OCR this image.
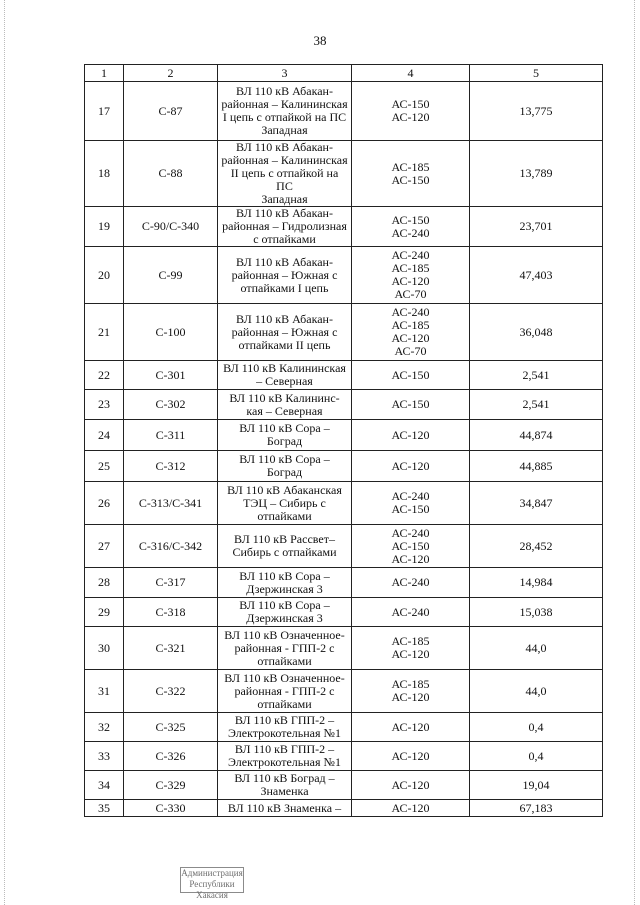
38
1	2	3	4	5
17	С-87	ВЛ 110 кВ Абакан-
районная – Калининская
I цепь с отпайкой на ПС
Западная	АС-150
АС-120	13,775
18	С-88	ВЛ 110 кВ Абакан-
районная – Калининская
II цепь с отпайкой на ПС
Западная	АС-185
АС-150	13,789
19	С-90/С-340	ВЛ 110 кВ Абакан-
районная – Гидролизная
с отпайками	АС-150
АС-240	23,701
20	С-99	ВЛ 110 кВ Абакан-
районная – Южная с
отпайками I цепь	АС-240
АС-185
АС-120
АС-70	47,403
21	С-100	ВЛ 110 кВ Абакан-
районная – Южная с
отпайками II цепь	АС-240
АС-185
АС-120
АС-70	36,048
22	С-301	ВЛ 110 кВ Калининская
– Северная	АС-150	2,541
23	С-302	ВЛ 110 кВ Калининс-
кая – Северная	АС-150	2,541
24	С-311	ВЛ 110 кВ Сора –
Боград	АС-120	44,874
25	С-312	ВЛ 110 кВ Сора –
Боград	АС-120	44,885
26	С-313/С-341	ВЛ 110 кВ Абаканская
ТЭЦ – Сибирь с
отпайками	АС-240
АС-150	34,847
27	С-316/С-342	ВЛ 110 кВ Рассвет–
Сибирь с отпайками	АС-240
АС-150
АС-120	28,452
28	С-317	ВЛ 110 кВ Сора –
Дзержинская 3	АС-240	14,984
29	С-318	ВЛ 110 кВ Сора –
Дзержинская 3	АС-240	15,038
30	С-321	ВЛ 110 кВ Означенное-
районная - ГПП-2 с
отпайками	АС-185
АС-120	44,0
31	С-322	ВЛ 110 кВ Означенное-
районная - ГПП-2 с
отпайками	АС-185
АС-120	44,0
32	С-325	ВЛ 110 кВ ГПП-2 –
Электрокотельная №1	АС-120	0,4
33	С-326	ВЛ 110 кВ ГПП-2 –
Электрокотельная №1	АС-120	0,4
34	С-329	ВЛ 110 кВ Боград –
Знаменка	АС-120	19,04
35	С-330	ВЛ 110 кВ Знаменка –	АС-120	67,183
Администрация
Республики Хакасия
